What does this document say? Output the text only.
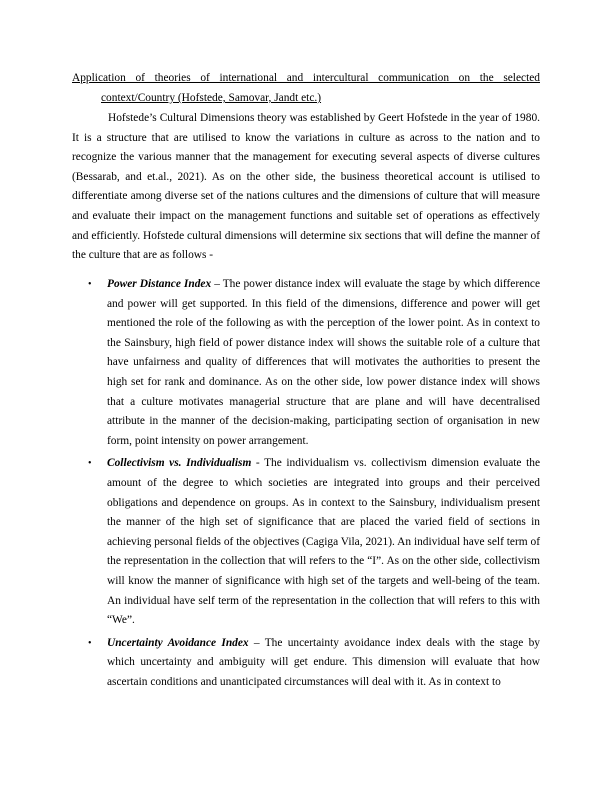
Application of theories of international and intercultural communication on the selected
context/Country (Hofstede, Samovar, Jandt etc.)

Hofstede’s Cultural Dimensions theory was established by Geert Hofstede in the year of 1980. It is a structure that are utilised to know the variations in culture as across to the nation and to recognize the various manner that the management for executing several aspects of diverse cultures (Bessarab, and et.al., 2021). As on the other side, the business theoretical account is utilised to differentiate among diverse set of the nations cultures and the dimensions of culture that will measure and evaluate their impact on the management functions and suitable set of operations as effectively and efficiently. Hofstede cultural dimensions will determine six sections that will define the manner of the culture that are as follows -

• Power Distance Index – The power distance index will evaluate the stage by which difference and power will get supported. In this field of the dimensions, difference and power will get mentioned the role of the following as with the perception of the lower point. As in context to the Sainsbury, high field of power distance index will shows the suitable role of a culture that have unfairness and quality of differences that will motivates the authorities to present the high set for rank and dominance. As on the other side, low power distance index will shows that a culture motivates managerial structure that are plane and will have decentralised attribute in the manner of the decision-making, participating section of organisation in new form, point intensity on power arrangement.
• Collectivism vs. Individualism - The individualism vs. collectivism dimension evaluate the amount of the degree to which societies are integrated into groups and their perceived obligations and dependence on groups. As in context to the Sainsbury, individualism present the manner of the high set of significance that are placed the varied field of sections in achieving personal fields of the objectives (Cagiga Vila, 2021). An individual have self term of the representation in the collection that will refers to the “I”. As on the other side, collectivism will know the manner of significance with high set of the targets and well-being of the team. An individual have self term of the representation in the collection that will refers to this with “We”.
• Uncertainty Avoidance Index – The uncertainty avoidance index deals with the stage by which uncertainty and ambiguity will get endure. This dimension will evaluate that how ascertain conditions and unanticipated circumstances will deal with it. As in context to
